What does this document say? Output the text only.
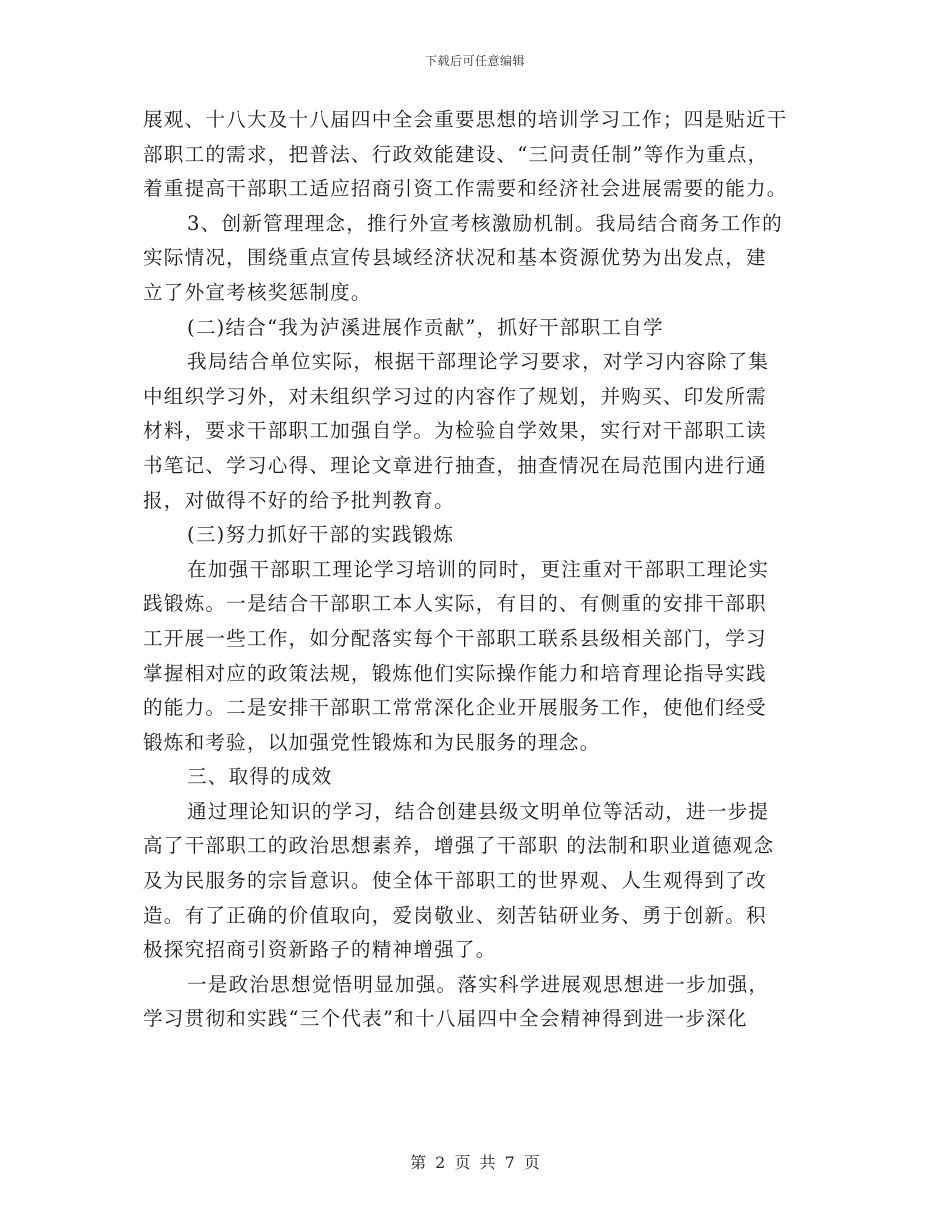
下载后可任意编辑
展观、十八大及十八届四中全会重要思想的培训学习工作；四是贴近干
部职工的需求，把普法、行政效能建设、“三问责任制”等作为重点，
着重提高干部职工适应招商引资工作需要和经济社会进展需要的能力。
3、创新管理理念，推行外宣考核激励机制。我局结合商务工作的
实际情况，围绕重点宣传县域经济状况和基本资源优势为出发点，建
立了外宣考核奖惩制度。
(二)结合“我为泸溪进展作贡献”，抓好干部职工自学
我局结合单位实际，根据干部理论学习要求，对学习内容除了集
中组织学习外，对未组织学习过的内容作了规划，并购买、印发所需
材料，要求干部职工加强自学。为检验自学效果，实行对干部职工读
书笔记、学习心得、理论文章进行抽查，抽查情况在局范围内进行通
报，对做得不好的给予批判教育。
(三)努力抓好干部的实践锻炼
在加强干部职工理论学习培训的同时，更注重对干部职工理论实
践锻炼。一是结合干部职工本人实际，有目的、有侧重的安排干部职
工开展一些工作，如分配落实每个干部职工联系县级相关部门，学习
掌握相对应的政策法规，锻炼他们实际操作能力和培育理论指导实践
的能力。二是安排干部职工常常深化企业开展服务工作，使他们经受
锻炼和考验，以加强党性锻炼和为民服务的理念。
三、取得的成效
通过理论知识的学习，结合创建县级文明单位等活动，进一步提
高了干部职工的政治思想素养，增强了干部职 的法制和职业道德观念
及为民服务的宗旨意识。使全体干部职工的世界观、人生观得到了改
造。有了正确的价值取向，爱岗敬业、刻苦钻研业务、勇于创新。积
极探究招商引资新路子的精神增强了。
一是政治思想觉悟明显加强。落实科学进展观思想进一步加强，
学习贯彻和实践“三个代表”和十八届四中全会精神得到进一步深化
第 2 页 共 7 页
